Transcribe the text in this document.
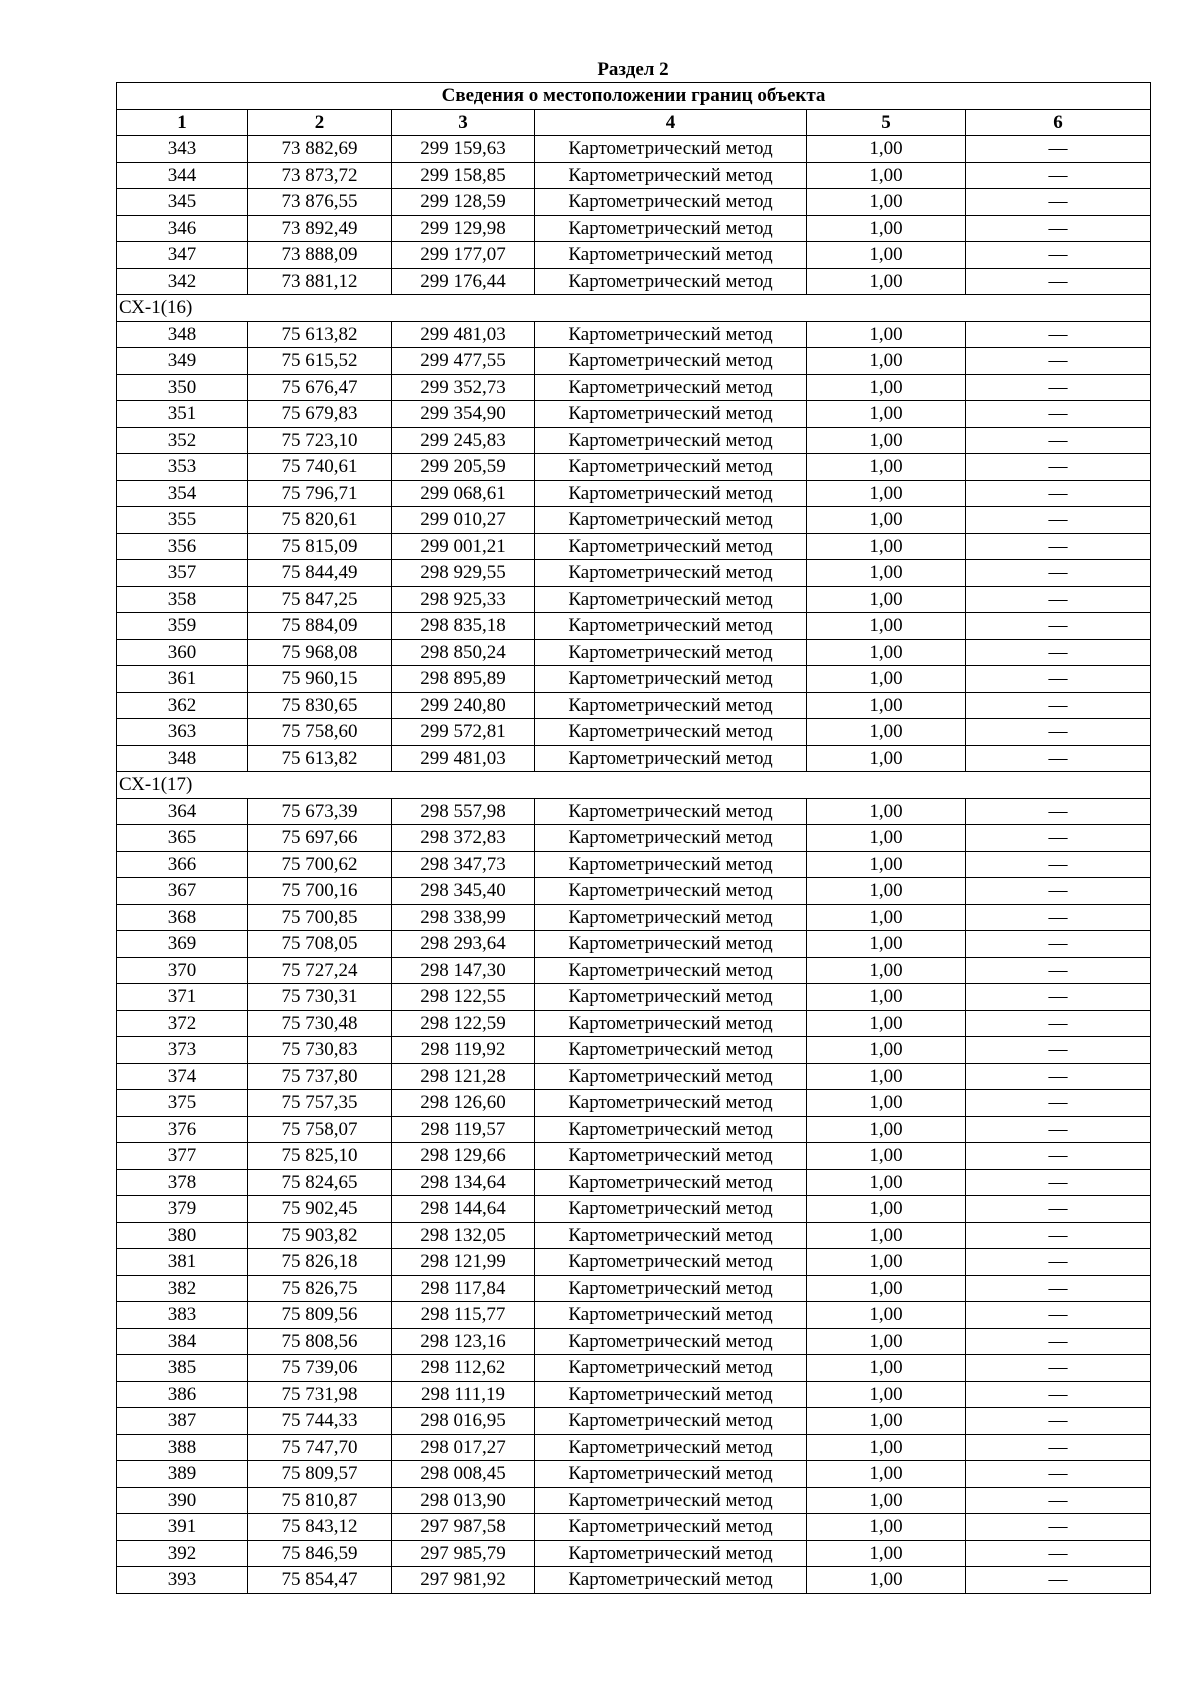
Раздел 2
Сведения о местоположении границ объекта					
1	2	3	4	5	6
343	73 882,69	299 159,63	Картометрический метод	1,00	—
344	73 873,72	299 158,85	Картометрический метод	1,00	—
345	73 876,55	299 128,59	Картометрический метод	1,00	—
346	73 892,49	299 129,98	Картометрический метод	1,00	—
347	73 888,09	299 177,07	Картометрический метод	1,00	—
342	73 881,12	299 176,44	Картометрический метод	1,00	—
СХ-1(16)					
348	75 613,82	299 481,03	Картометрический метод	1,00	—
349	75 615,52	299 477,55	Картометрический метод	1,00	—
350	75 676,47	299 352,73	Картометрический метод	1,00	—
351	75 679,83	299 354,90	Картометрический метод	1,00	—
352	75 723,10	299 245,83	Картометрический метод	1,00	—
353	75 740,61	299 205,59	Картометрический метод	1,00	—
354	75 796,71	299 068,61	Картометрический метод	1,00	—
355	75 820,61	299 010,27	Картометрический метод	1,00	—
356	75 815,09	299 001,21	Картометрический метод	1,00	—
357	75 844,49	298 929,55	Картометрический метод	1,00	—
358	75 847,25	298 925,33	Картометрический метод	1,00	—
359	75 884,09	298 835,18	Картометрический метод	1,00	—
360	75 968,08	298 850,24	Картометрический метод	1,00	—
361	75 960,15	298 895,89	Картометрический метод	1,00	—
362	75 830,65	299 240,80	Картометрический метод	1,00	—
363	75 758,60	299 572,81	Картометрический метод	1,00	—
348	75 613,82	299 481,03	Картометрический метод	1,00	—
СХ-1(17)					
364	75 673,39	298 557,98	Картометрический метод	1,00	—
365	75 697,66	298 372,83	Картометрический метод	1,00	—
366	75 700,62	298 347,73	Картометрический метод	1,00	—
367	75 700,16	298 345,40	Картометрический метод	1,00	—
368	75 700,85	298 338,99	Картометрический метод	1,00	—
369	75 708,05	298 293,64	Картометрический метод	1,00	—
370	75 727,24	298 147,30	Картометрический метод	1,00	—
371	75 730,31	298 122,55	Картометрический метод	1,00	—
372	75 730,48	298 122,59	Картометрический метод	1,00	—
373	75 730,83	298 119,92	Картометрический метод	1,00	—
374	75 737,80	298 121,28	Картометрический метод	1,00	—
375	75 757,35	298 126,60	Картометрический метод	1,00	—
376	75 758,07	298 119,57	Картометрический метод	1,00	—
377	75 825,10	298 129,66	Картометрический метод	1,00	—
378	75 824,65	298 134,64	Картометрический метод	1,00	—
379	75 902,45	298 144,64	Картометрический метод	1,00	—
380	75 903,82	298 132,05	Картометрический метод	1,00	—
381	75 826,18	298 121,99	Картометрический метод	1,00	—
382	75 826,75	298 117,84	Картометрический метод	1,00	—
383	75 809,56	298 115,77	Картометрический метод	1,00	—
384	75 808,56	298 123,16	Картометрический метод	1,00	—
385	75 739,06	298 112,62	Картометрический метод	1,00	—
386	75 731,98	298 111,19	Картометрический метод	1,00	—
387	75 744,33	298 016,95	Картометрический метод	1,00	—
388	75 747,70	298 017,27	Картометрический метод	1,00	—
389	75 809,57	298 008,45	Картометрический метод	1,00	—
390	75 810,87	298 013,90	Картометрический метод	1,00	—
391	75 843,12	297 987,58	Картометрический метод	1,00	—
392	75 846,59	297 985,79	Картометрический метод	1,00	—
393	75 854,47	297 981,92	Картометрический метод	1,00	—
